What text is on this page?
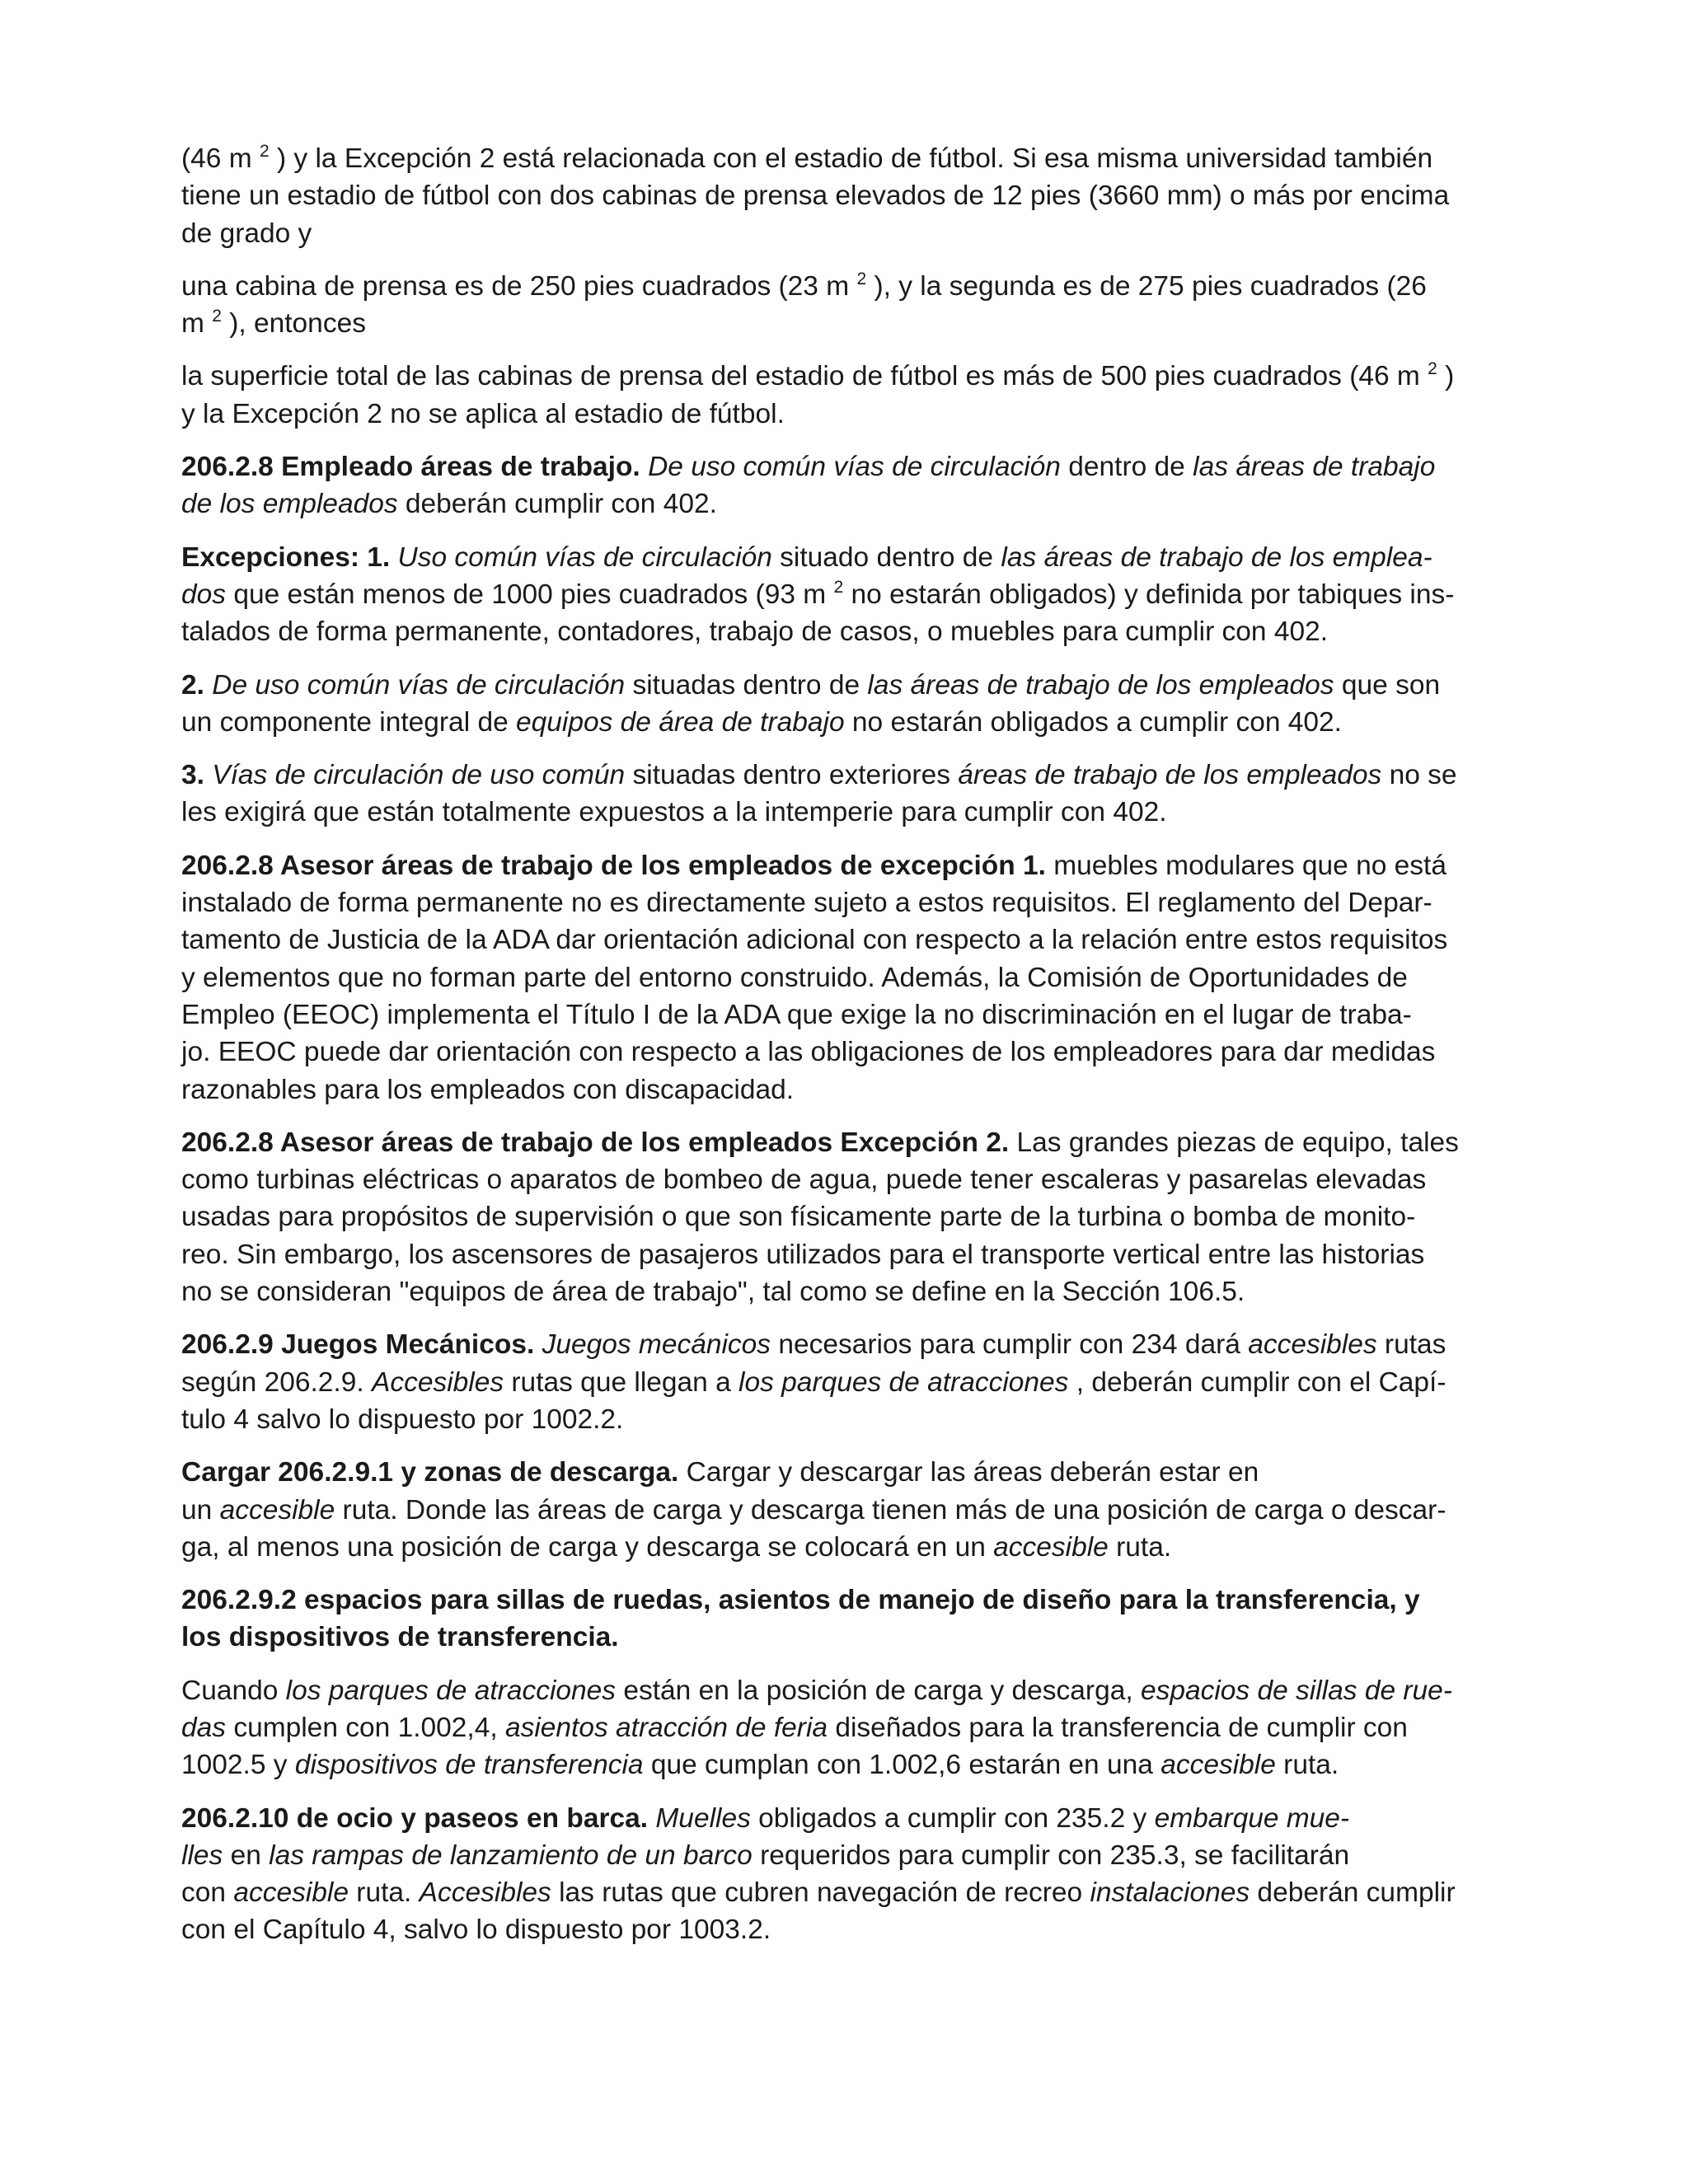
(46 m $^2$ ) y la Excepción 2 está relacionada con el estadio de fútbol. Si esa misma universidad también
tiene un estadio de fútbol con dos cabinas de prensa elevados de 12 pies (3660 mm) o más por encima
de grado y

una cabina de prensa es de 250 pies cuadrados (23 m $^2$ ), y la segunda es de 275 pies cuadrados (26
m $^2$ ), entonces

la superficie total de las cabinas de prensa del estadio de fútbol es más de 500 pies cuadrados (46 m $^2$ )
y la Excepción 2 no se aplica al estadio de fútbol.

206.2.8 Empleado áreas de trabajo. De uso común vías de circulación dentro de las áreas de trabajo
de los empleados deberán cumplir con 402.

Excepciones: 1. Uso común vías de circulación situado dentro de las áreas de trabajo de los emplea-
dos que están menos de 1000 pies cuadrados (93 m $^2$ no estarán obligados) y definida por tabiques ins-
talados de forma permanente, contadores, trabajo de casos, o muebles para cumplir con 402.

2. De uso común vías de circulación situadas dentro de las áreas de trabajo de los empleados que son
un componente integral de equipos de área de trabajo no estarán obligados a cumplir con 402.

3. Vías de circulación de uso común situadas dentro exteriores áreas de trabajo de los empleados no se
les exigirá que están totalmente expuestos a la intemperie para cumplir con 402.

206.2.8 Asesor áreas de trabajo de los empleados de excepción 1. muebles modulares que no está
instalado de forma permanente no es directamente sujeto a estos requisitos. El reglamento del Depar-
tamento de Justicia de la ADA dar orientación adicional con respecto a la relación entre estos requisitos
y elementos que no forman parte del entorno construido. Además, la Comisión de Oportunidades de
Empleo (EEOC) implementa el Título I de la ADA que exige la no discriminación en el lugar de traba-
jo. EEOC puede dar orientación con respecto a las obligaciones de los empleadores para dar medidas
razonables para los empleados con discapacidad.

206.2.8 Asesor áreas de trabajo de los empleados Excepción 2. Las grandes piezas de equipo, tales
como turbinas eléctricas o aparatos de bombeo de agua, puede tener escaleras y pasarelas elevadas
usadas para propósitos de supervisión o que son físicamente parte de la turbina o bomba de monito-
reo. Sin embargo, los ascensores de pasajeros utilizados para el transporte vertical entre las historias
no se consideran "equipos de área de trabajo", tal como se define en la Sección 106.5.

206.2.9 Juegos Mecánicos. Juegos mecánicos necesarios para cumplir con 234 dará accesibles rutas
según 206.2.9. Accesibles rutas que llegan a los parques de atracciones , deberán cumplir con el Capí-
tulo 4 salvo lo dispuesto por 1002.2.

Cargar 206.2.9.1 y zonas de descarga. Cargar y descargar las áreas deberán estar en
un accesible ruta. Donde las áreas de carga y descarga tienen más de una posición de carga o descar-
ga, al menos una posición de carga y descarga se colocará en un accesible ruta.

206.2.9.2 espacios para sillas de ruedas, asientos de manejo de diseño para la transferencia, y
los dispositivos de transferencia.

Cuando los parques de atracciones están en la posición de carga y descarga, espacios de sillas de rue-
das cumplen con 1.002,4, asientos atracción de feria diseñados para la transferencia de cumplir con
1002.5 y dispositivos de transferencia que cumplan con 1.002,6 estarán en una accesible ruta.

206.2.10 de ocio y paseos en barca. Muelles obligados a cumplir con 235.2 y embarque mue-
lles en las rampas de lanzamiento de un barco requeridos para cumplir con 235.3, se facilitarán
con accesible ruta. Accesibles las rutas que cubren navegación de recreo instalaciones deberán cumplir
con el Capítulo 4, salvo lo dispuesto por 1003.2.
